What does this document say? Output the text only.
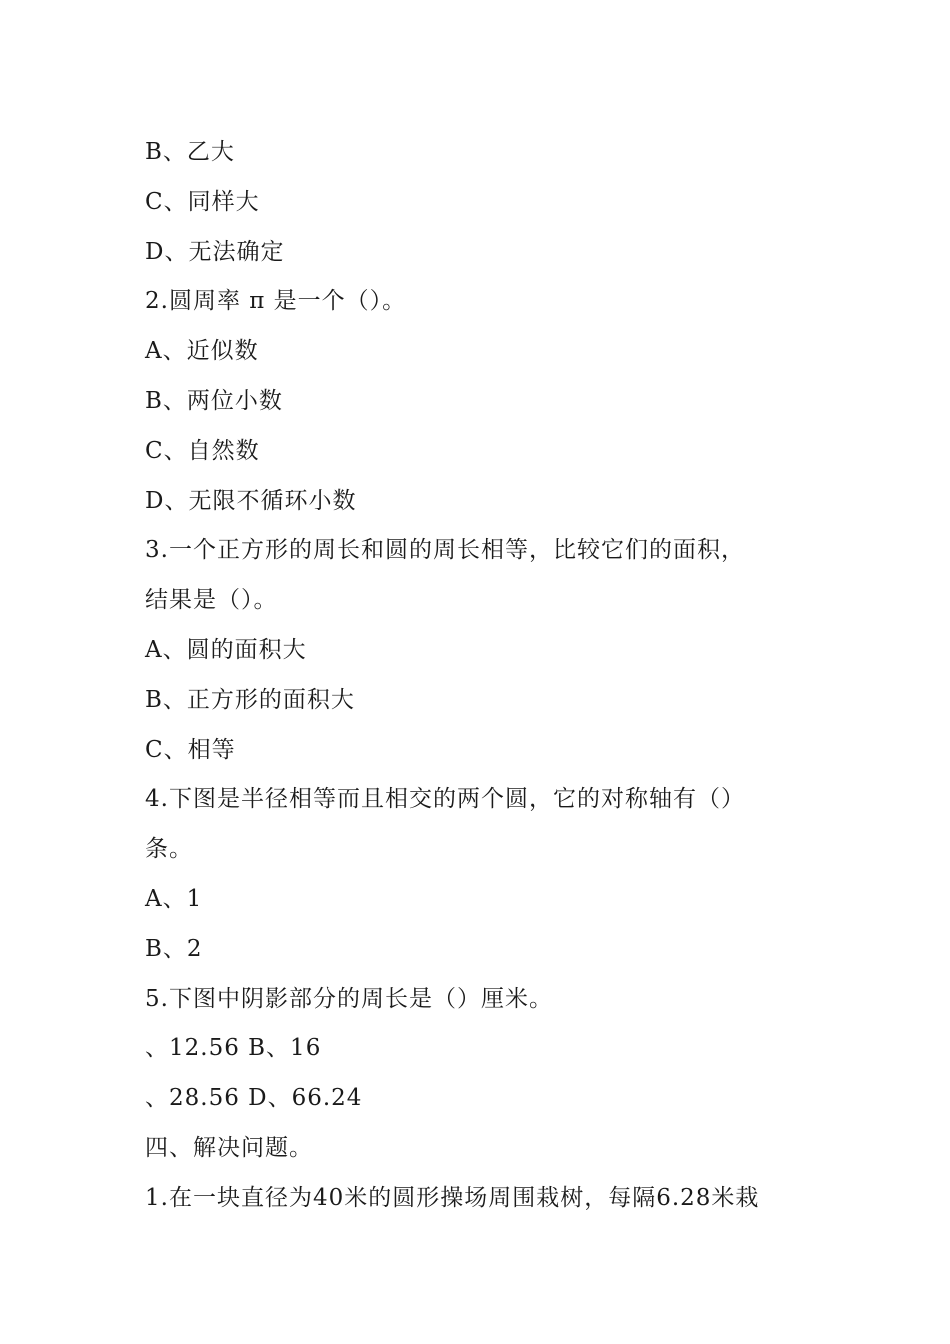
B、乙大
C、同样大
D、无法确定
2.圆周率 π 是一个（）。
A、近似数
B、两位小数
C、自然数
D、无限不循环小数
3.一个正方形的周长和圆的周长相等，比较它们的面积，
结果是（）。
A、圆的面积大
B、正方形的面积大
C、相等
4.下图是半径相等而且相交的两个圆，它的对称轴有（）
条。
A、1
B、2
5.下图中阴影部分的周长是（）厘米。
、12.56 B、16
、28.56 D、66.24
四、解决问题。
1.在一块直径为40米的圆形操场周围栽树，每隔6.28米栽
